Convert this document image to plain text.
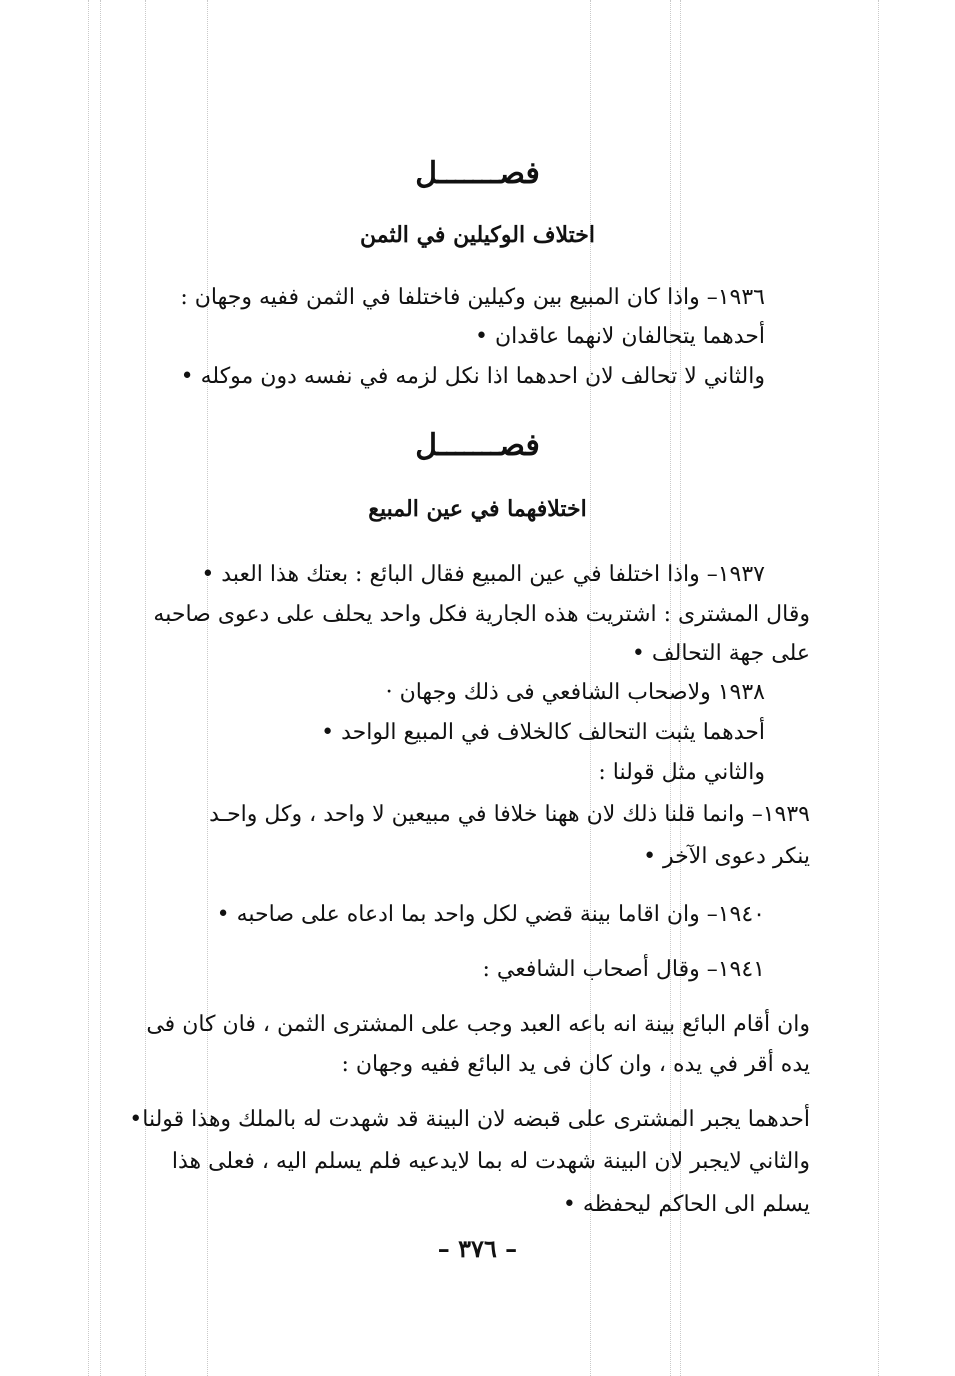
فصـــــــل
اختلاف الوكيلين في الثمن
١٩٣٦– واذا كان المبيع بين وكيلين فاختلفا في الثمن ففيه وجهان :
أحدهما يتحالفان لانهما عاقدان •
والثاني لا تحالف لان احدهما اذا نكل لزمه في نفسه دون موكله •
فصـــــــل
اختلافهما في عين المبيع
١٩٣٧– واذا اختلفا في عين المبيع فقال البائع : بعتك هذا العبد •
وقال المشترى : اشتريت هذه الجارية فكل واحد يحلف على دعوى صاحبه
على جهة التحالف •
١٩٣٨ ولاصحاب الشافعي فى ذلك وجهان ·
أحدهما يثبت التحالف كالخلاف في المبيع الواحد •
والثاني مثل قولنا :
١٩٣٩– وانما قلنا ذلك لان ههنا خلافا في مبيعين لا واحد ، وكل واحـد
ينكر دعوى الآخر •
١٩٤٠– وان اقاما بينة قضي لكل واحد بما ادعاه على صاحبه •
١٩٤١– وقال أصحاب الشافعي :
وان أقام البائع بينة انه باعه العبد وجب على المشترى الثمن ، فان كان فى
يده أقر في يده ، وان كان فى يد البائع ففيه وجهان :
أحدهما يجبر المشترى على قبضه لان البينة قد شهدت له بالملك وهذا قولنا•
والثاني لايجبر لان البينة شهدت له بما لايدعيه فلم يسلم اليه ، فعلى هذا
يسلم الى الحاكم ليحفظه •
– ٣٧٦ –
